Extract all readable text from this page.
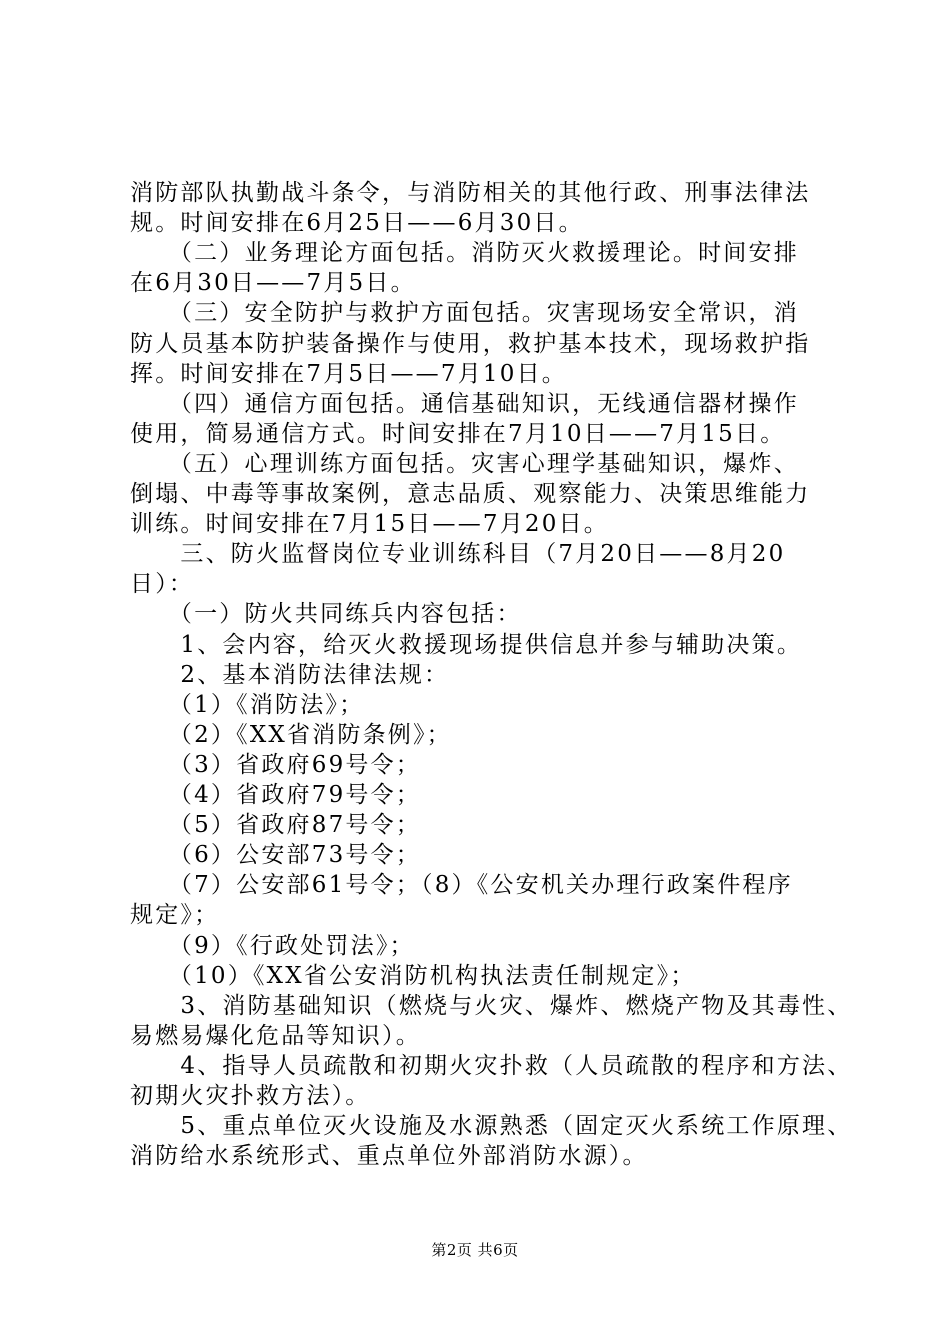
消防部队执勤战斗条令，与消防相关的其他行政、刑事法律法
规。时间安排在6月25日——6月30日。
　　（二）业务理论方面包括。消防灭火救援理论。时间安排
在6月30日——7月5日。
　　（三）安全防护与救护方面包括。灾害现场安全常识，消
防人员基本防护装备操作与使用，救护基本技术，现场救护指
挥。时间安排在7月5日——7月10日。
　　（四）通信方面包括。通信基础知识，无线通信器材操作
使用，简易通信方式。时间安排在7月10日——7月15日。
　　（五）心理训练方面包括。灾害心理学基础知识，爆炸、
倒塌、中毒等事故案例，意志品质、观察能力、决策思维能力
训练。时间安排在7月15日——7月20日。
　　三、防火监督岗位专业训练科目（7月20日——8月20
日）：
　　（一）防火共同练兵内容包括：
　　1、会内容，给灭火救援现场提供信息并参与辅助决策。
　　2、基本消防法律法规：
　　（1）《消防法》；
　　（2）《XX省消防条例》；
　　（3）省政府69号令；
　　（4）省政府79号令；
　　（5）省政府87号令；
　　（6）公安部73号令；
　　（7）公安部61号令；（8）《公安机关办理行政案件程序
规定》；
　　（9）《行政处罚法》；
　　（10）《XX省公安消防机构执法责任制规定》；
　　3、消防基础知识（燃烧与火灾、爆炸、燃烧产物及其毒性、
易燃易爆化危品等知识）。
　　4、指导人员疏散和初期火灾扑救（人员疏散的程序和方法、
初期火灾扑救方法）。
　　5、重点单位灭火设施及水源熟悉（固定灭火系统工作原理、
消防给水系统形式、重点单位外部消防水源）。
第2页 共6页
